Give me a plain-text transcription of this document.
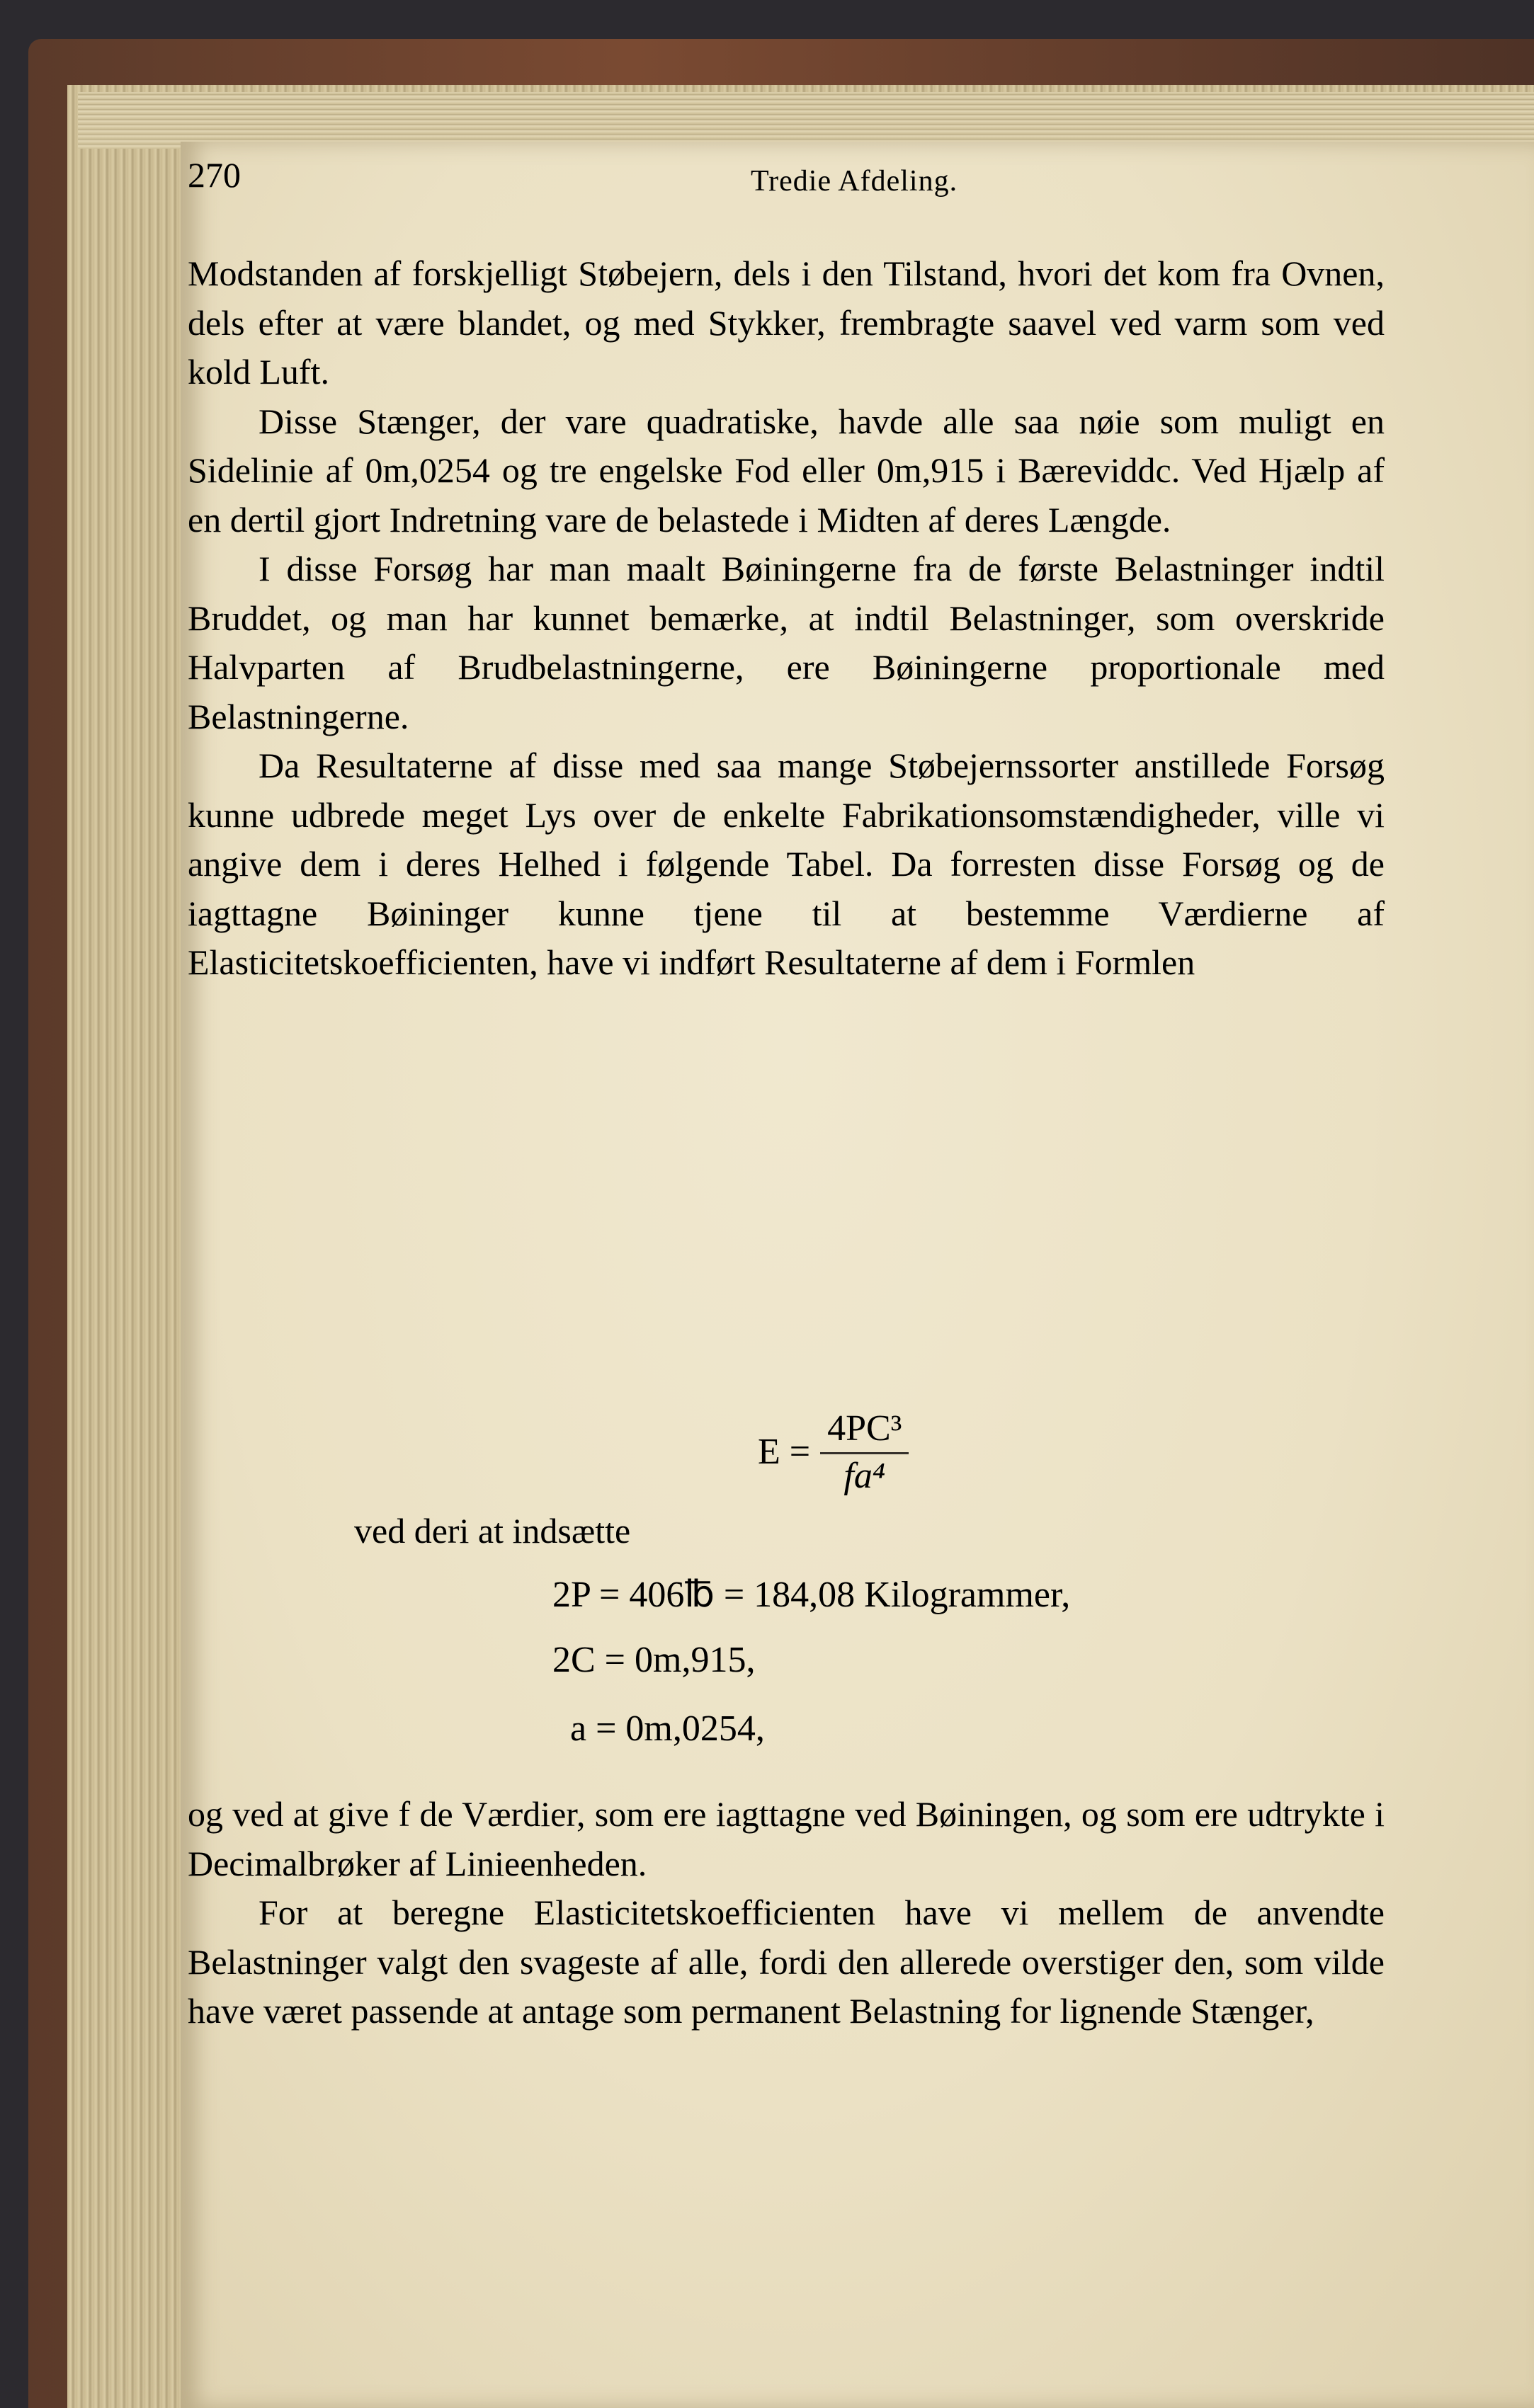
270	Tredie Afdeling.

Modstanden af forskjelligt Støbejern, dels i den Tilstand, hvori det kom fra Ovnen, dels efter at være blandet, og med Stykker, frembragte saavel ved varm som ved kold Luft.

Disse Stænger, der vare quadratiske, havde alle saa nøie som muligt en Sidelinie af 0m,0254 og tre engelske Fod eller 0m,915 i Bæreviddc. Ved Hjælp af en dertil gjort Indretning vare de belastede i Midten af deres Længde.

I disse Forsøg har man maalt Bøiningerne fra de første Belastninger indtil Bruddet, og man har kunnet bemærke, at indtil Belastninger, som overskride Halvparten af Brudbelastningerne, ere Bøiningerne proportionale med Belastningerne.

Da Resultaterne af disse med saa mange Støbejernssorter anstillede Forsøg kunne udbrede meget Lys over de enkelte Fabrikationsomstændigheder, ville vi angive dem i deres Helhed i følgende Tabel. Da forresten disse Forsøg og de iagttagne Bøininger kunne tjene til at bestemme Værdierne af Elasticitetskoefficienten, have vi indført Resultaterne af dem i Formlen

$E = \frac{\text{4PC³}}{\text{fa⁴}}$

ved deri at indsætte

2P = 406℔ = 184,08 Kilogrammer,

2C = 0m,915,

a = 0m,0254,

og ved at give f de Værdier, som ere iagttagne ved Bøiningen, og som ere udtrykte i Decimalbrøker af Linieenheden.

For at beregne Elasticitetskoefficienten have vi mellem de anvendte Belastninger valgt den svageste af alle, fordi den allerede overstiger den, som vilde have været passende at antage som permanent Belastning for lignende Stænger,
